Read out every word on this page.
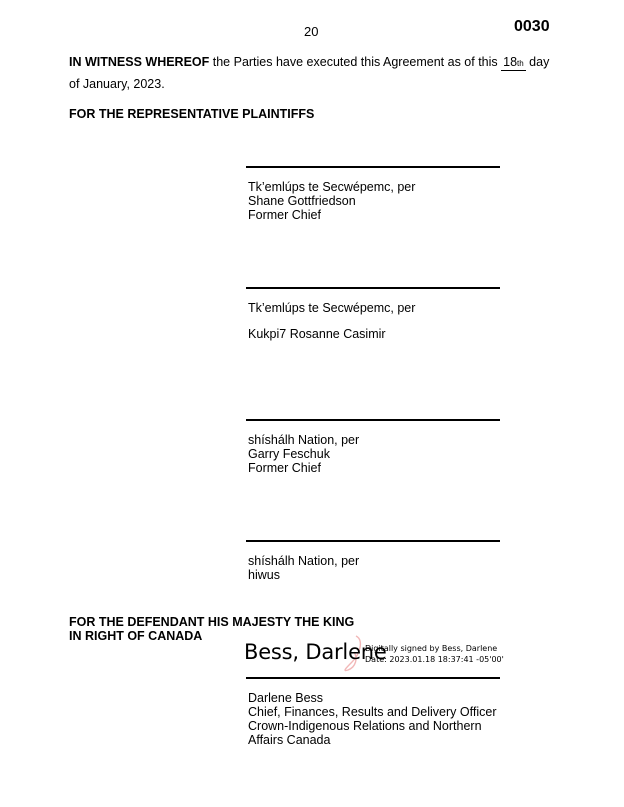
20	0030
IN WITNESS WHEREOF the Parties have executed this Agreement as of this 18th day of January, 2023.
FOR THE REPRESENTATIVE PLAINTIFFS
Tk’emlúps te Secwépemc, per
Shane Gottfriedson
Former Chief
Tk’emlúps te Secwépemc, per
Kukpi7 Rosanne Casimir
shíshálh Nation, per
Garry Feschuk
Former Chief
shíshálh Nation, per
hiwus
FOR THE DEFENDANT HIS MAJESTY THE KING
IN RIGHT OF CANADA
Bess, Darlene
Digitally signed by Bess, Darlene
Date: 2023.01.18 18:37:41 -05'00'
Darlene Bess
Chief, Finances, Results and Delivery Officer
Crown-Indigenous Relations and Northern
Affairs Canada
